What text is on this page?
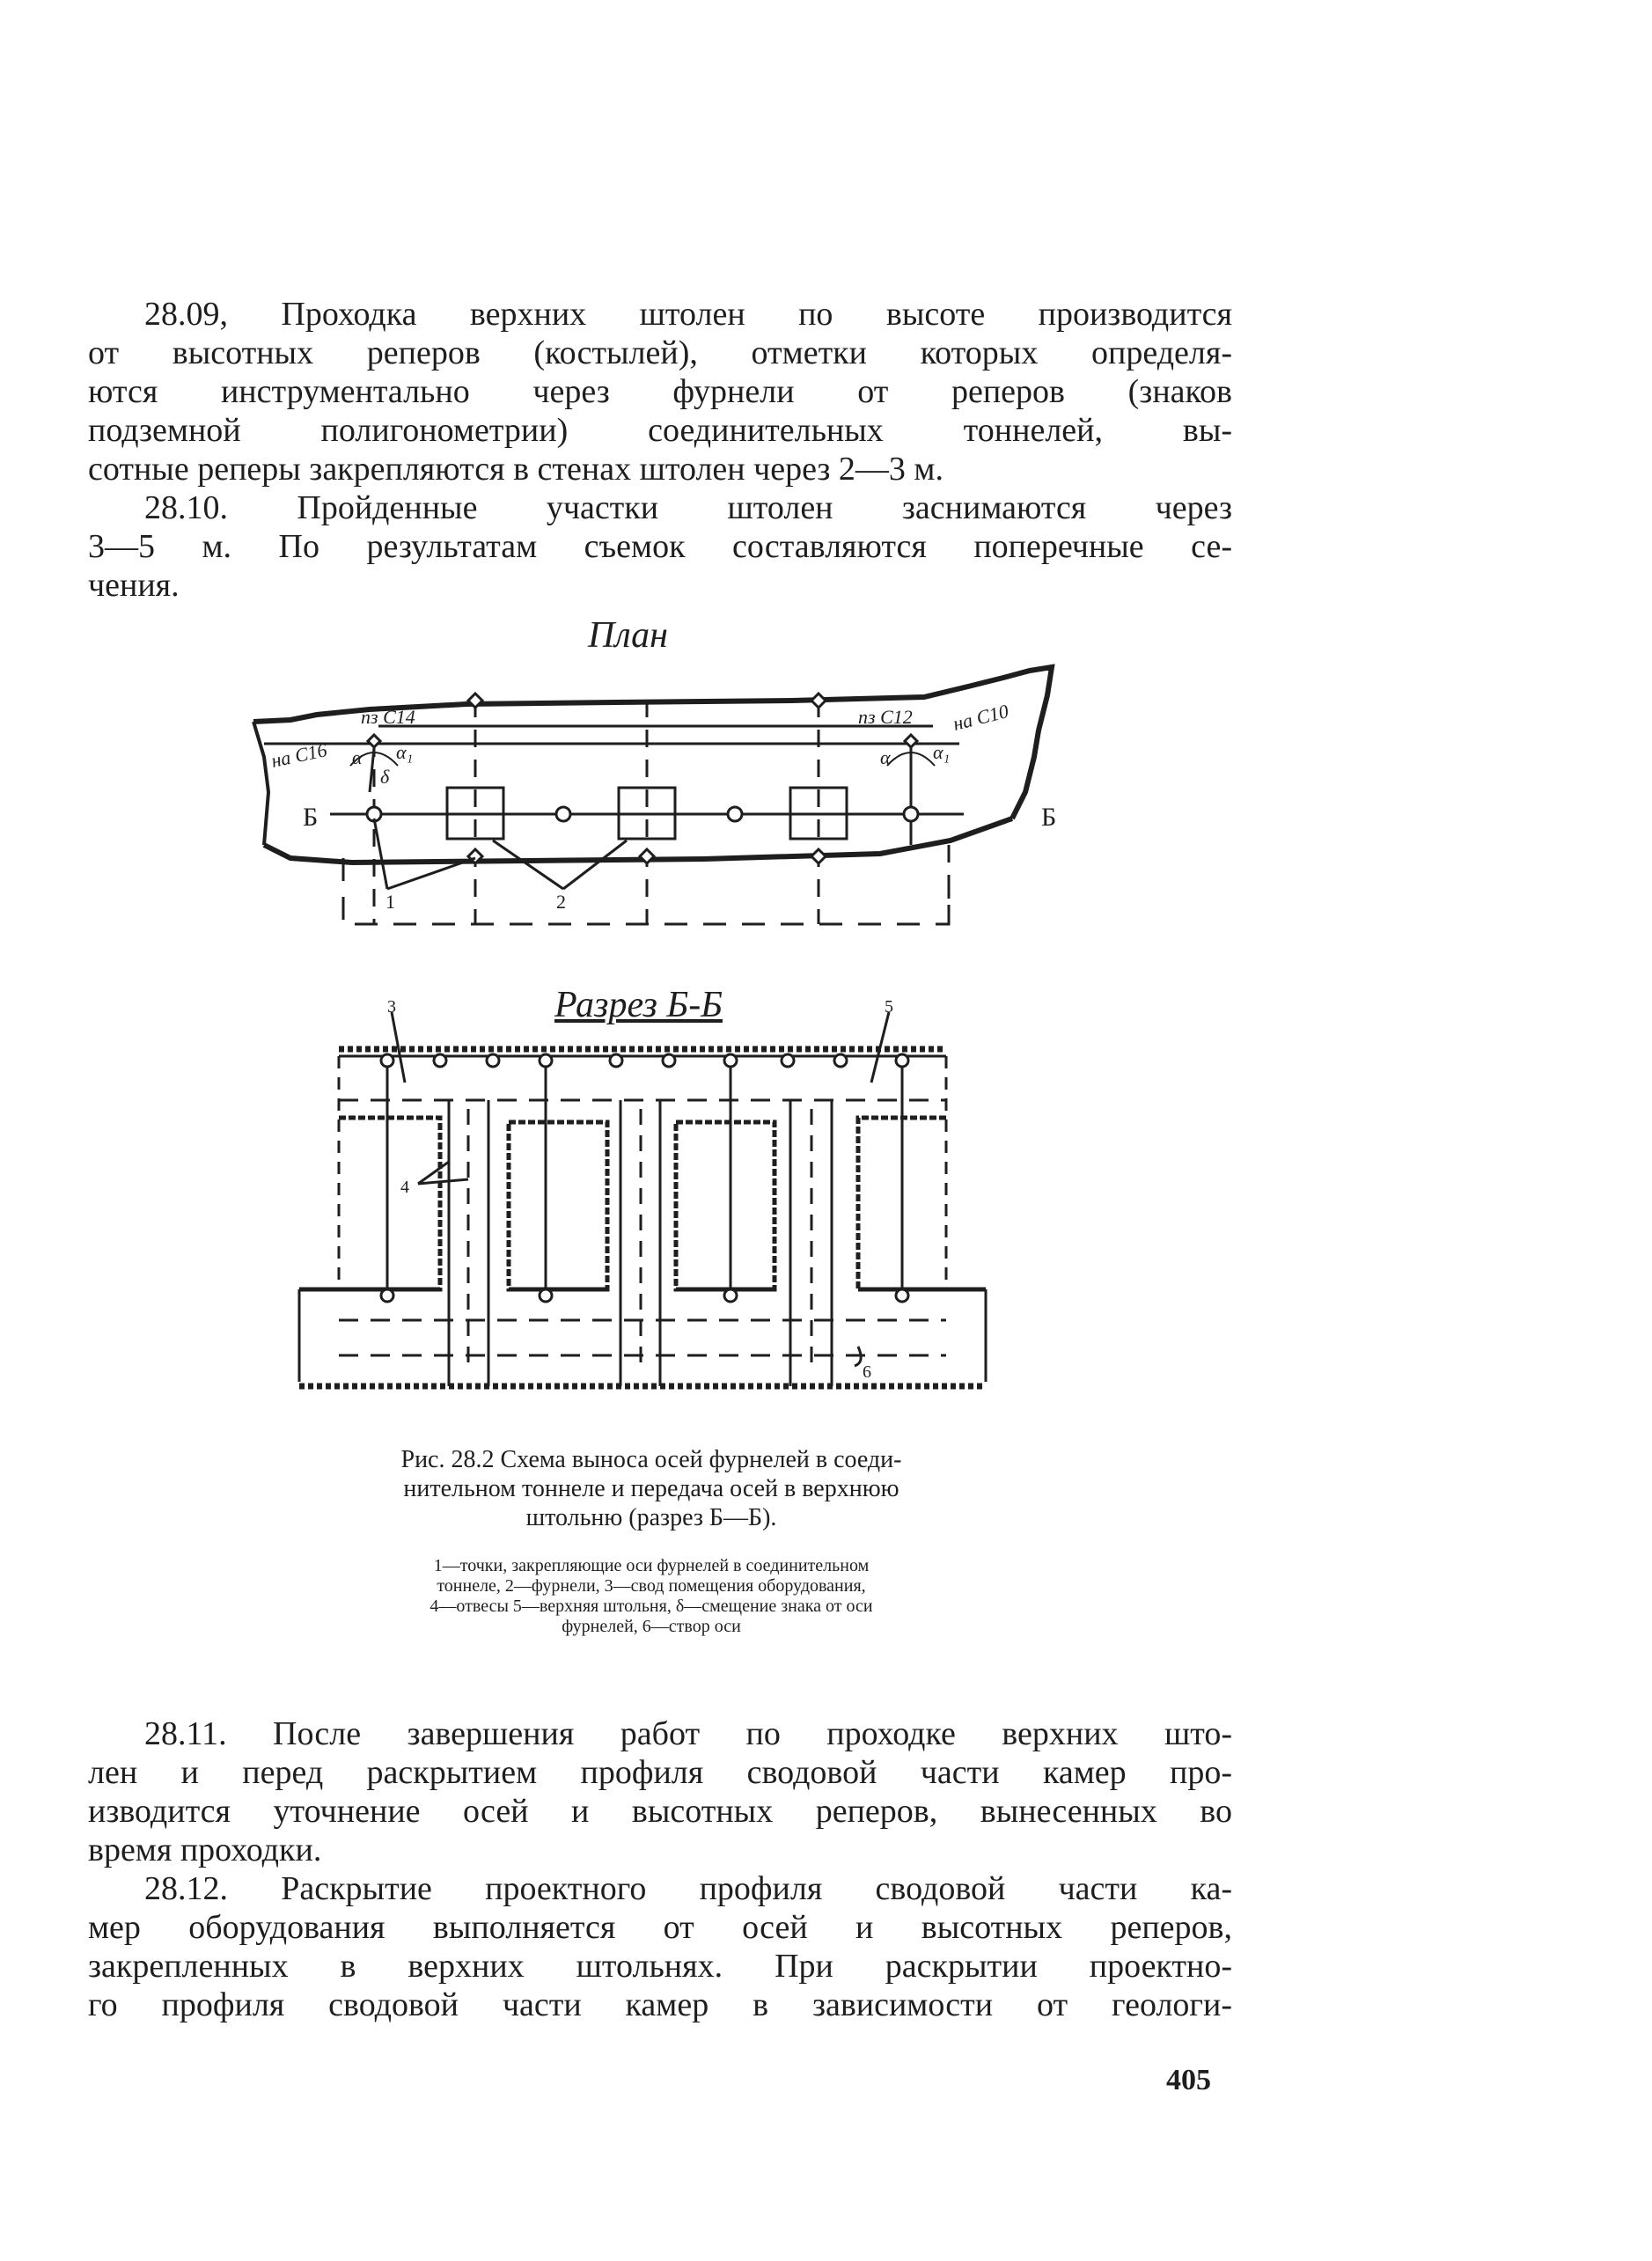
28.09, Проходка верхних штолен по высоте производится
от высотных реперов (костылей), отметки которых определя-
ются инструментально через фурнели от реперов (знаков
подземной полигонометрии) соединительных тоннелей, вы-
сотные реперы закрепляются в стенах штолен через 2—3 м.
28.10. Пройденные участки штолен заснимаются через
3—5 м. По результатам съемок составляются поперечные се-
чения.

План

Б	Б
пз С14	пз С12
на С16
на С10
α α₁	α α₁
δ
1	2

Разрез Б-Б

3	5
4
6
Рис. 28.2 Схема выноса осей фурнелей в соеди-
нительном тоннеле и передача осей в верхнюю
штольню (разрез Б—Б).
1—точки, закрепляющие оси фурнелей в соединительном
тоннеле, 2—фурнели, 3—свод помещения оборудования,
4—отвесы 5—верхняя штольня, δ—смещение знака от оси
фурнелей, 6—створ оси
28.11. После завершения работ по проходке верхних што-
лен и перед раскрытием профиля сводовой части камер про-
изводится уточнение осей и высотных реперов, вынесенных во
время проходки.
28.12. Раскрытие проектного профиля сводовой части ка-
мер оборудования выполняется от осей и высотных реперов,
закрепленных в верхних штольнях. При раскрытии проектно-
го профиля сводовой части камер в зависимости от геологи-

405
